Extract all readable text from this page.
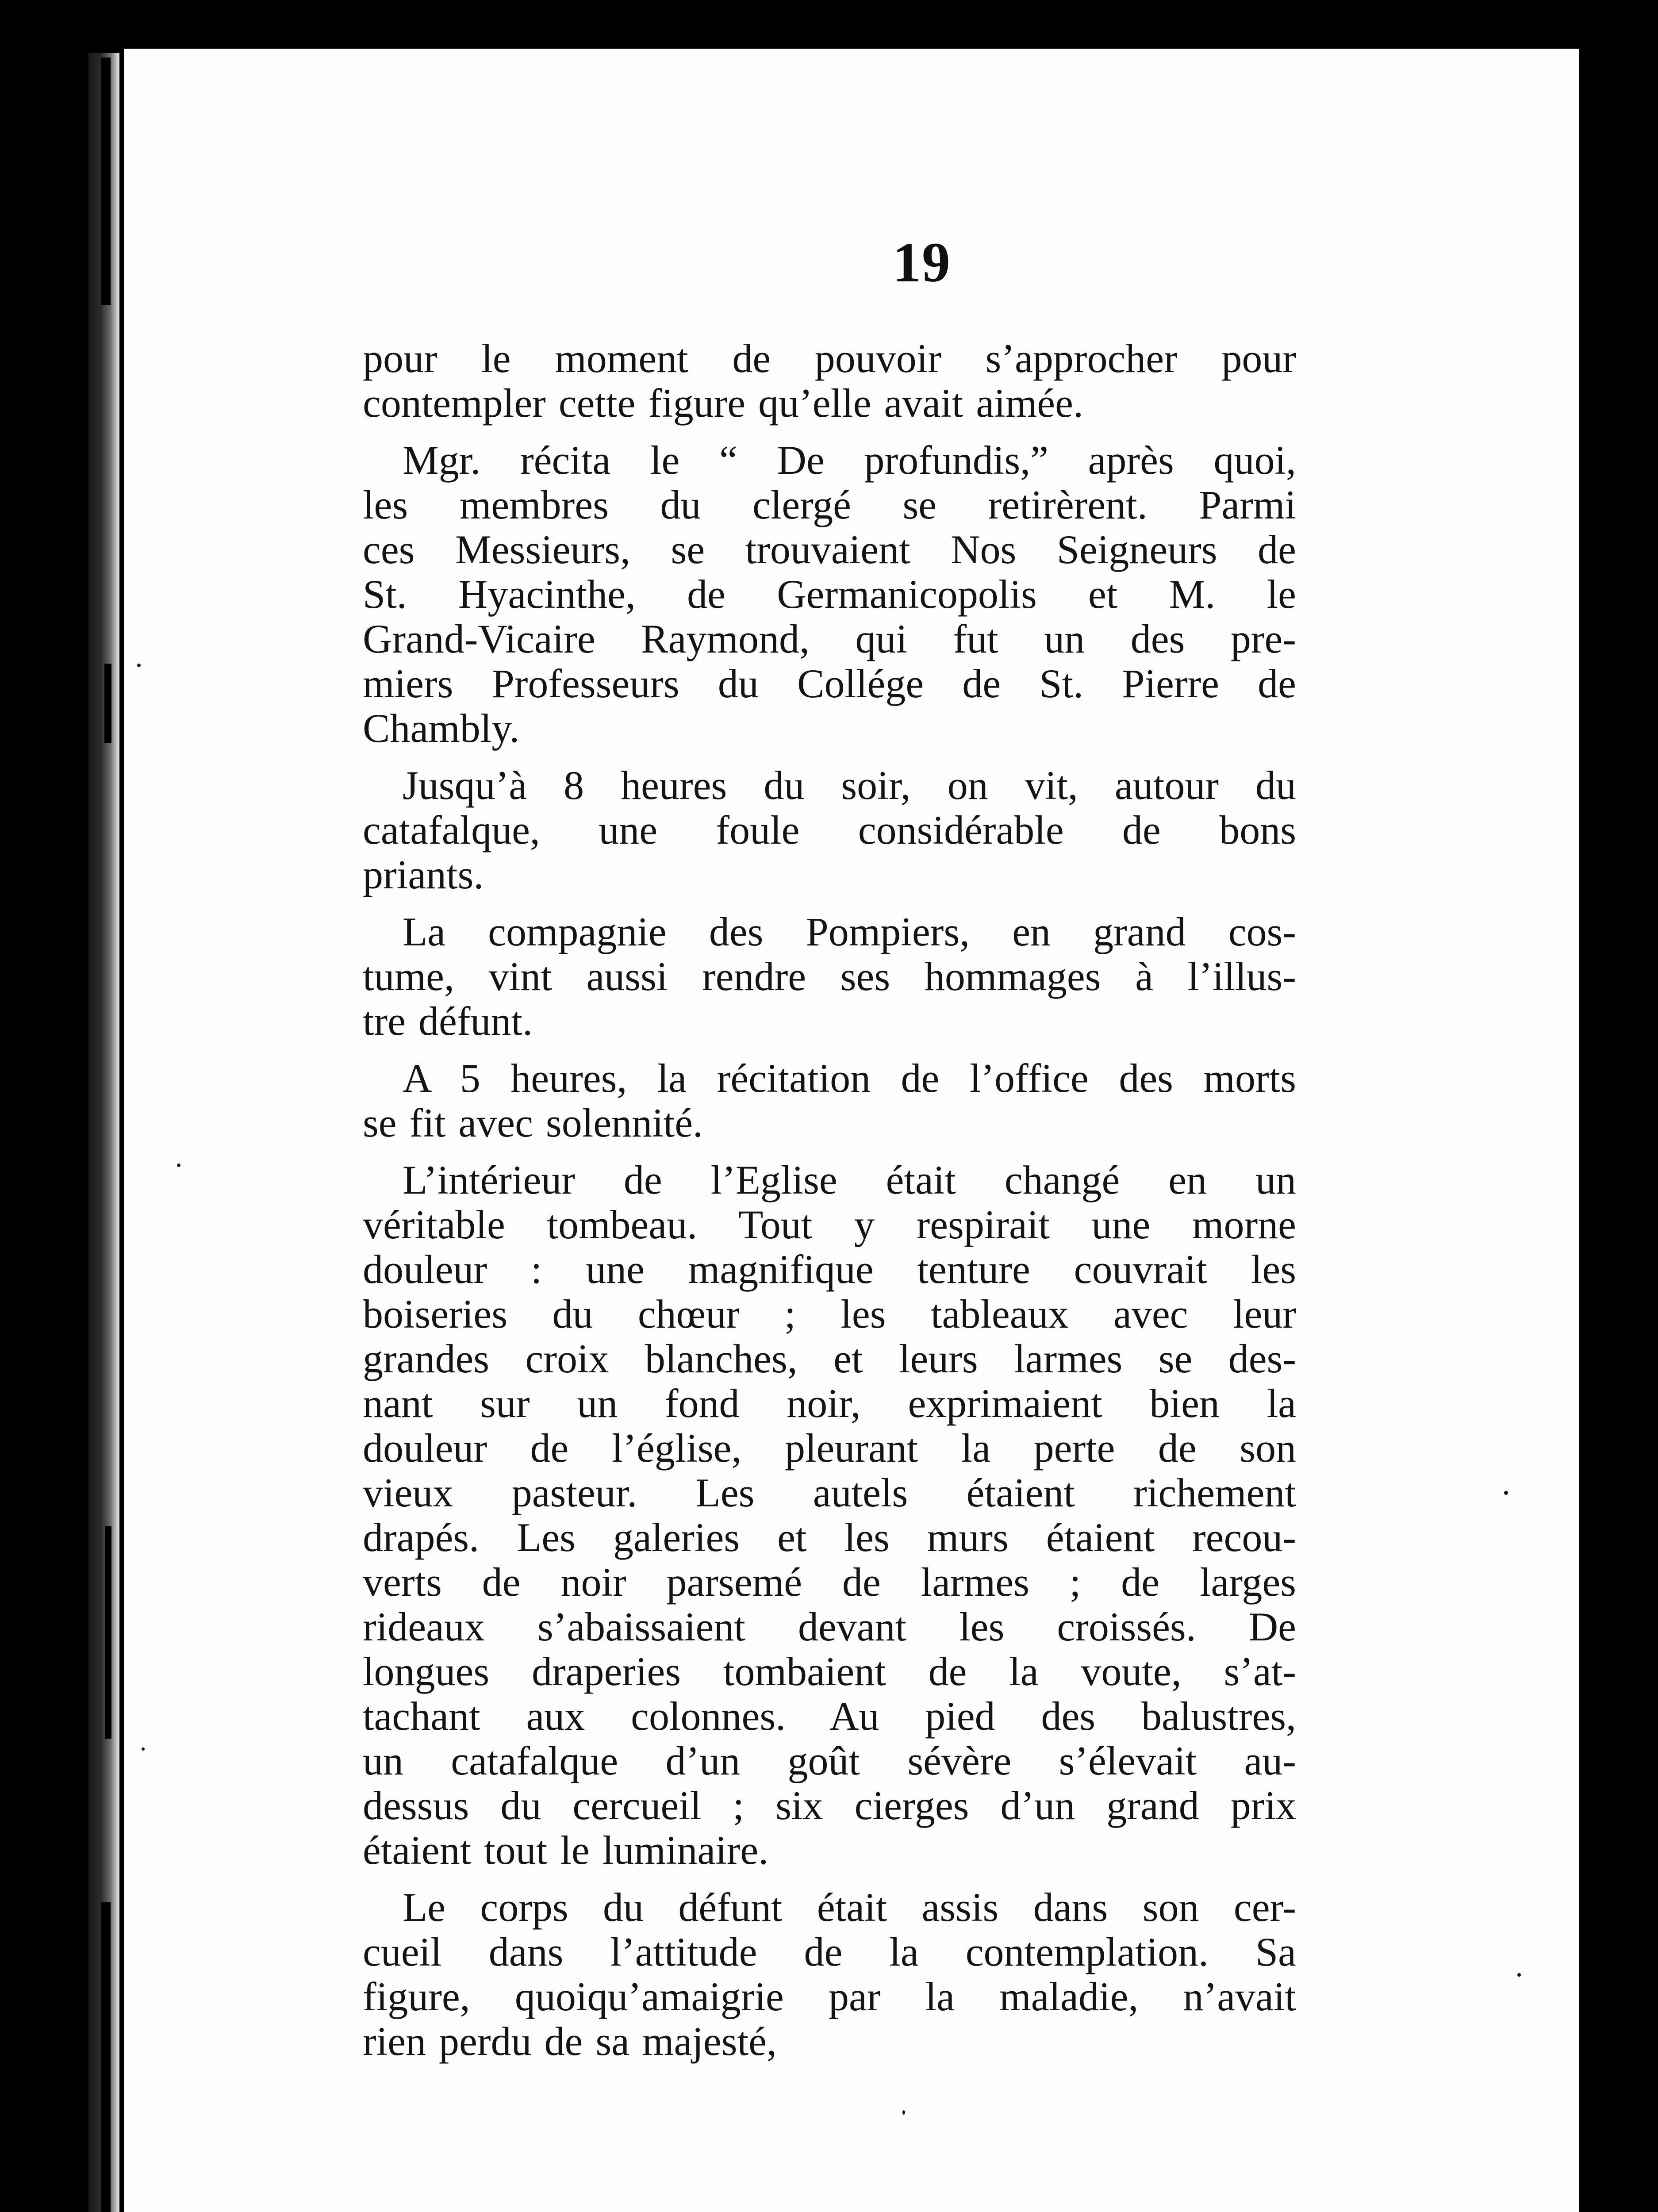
19
pour le moment de pouvoir s’approcher pour
contempler cette figure qu’elle avait aimée.
Mgr. récita le “ De profundis,” après quoi,
les membres du clergé se retirèrent. Parmi
ces Messieurs, se trouvaient Nos Seigneurs de
St. Hyacinthe, de Germanicopolis et M. le
Grand-Vicaire Raymond, qui fut un des pre-
miers Professeurs du Collége de St. Pierre de
Chambly.
Jusqu’à 8 heures du soir, on vit, autour du
catafalque, une foule considérable de bons
priants.
La compagnie des Pompiers, en grand cos-
tume, vint aussi rendre ses hommages à l’illus-
tre défunt.
A 5 heures, la récitation de l’office des morts
se fit avec solennité.
L’intérieur de l’Eglise était changé en un
véritable tombeau. Tout y respirait une morne
douleur : une magnifique tenture couvrait les
boiseries du chœur ; les tableaux avec leur
grandes croix blanches, et leurs larmes se des-
nant sur un fond noir, exprimaient bien la
douleur de l’église, pleurant la perte de son
vieux pasteur. Les autels étaient richement
drapés. Les galeries et les murs étaient recou-
verts de noir parsemé de larmes ; de larges
rideaux s’abaissaient devant les croissés. De
longues draperies tombaient de la voute, s’at-
tachant aux colonnes. Au pied des balustres,
un catafalque d’un goût sévère s’élevait au-
dessus du cercueil ; six cierges d’un grand prix
étaient tout le luminaire.
Le corps du défunt était assis dans son cer-
cueil dans l’attitude de la contemplation. Sa
figure, quoiqu’amaigrie par la maladie, n’avait
rien perdu de sa majesté,
